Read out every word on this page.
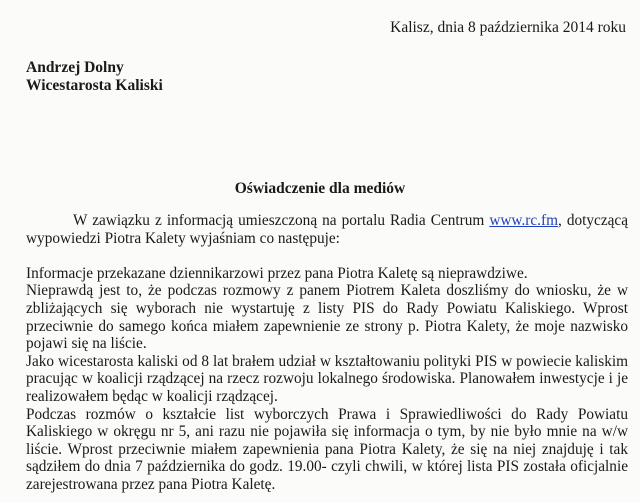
Kalisz, dnia 8 października 2014 roku
Andrzej Dolny
Wicestarosta Kaliski
Oświadczenie dla mediów

W zawiązku z informacją umieszczoną na portalu Radia Centrum www.rc.fm, dotyczącą wypowiedzi Piotra Kalety wyjaśniam co następuje:

Informacje przekazane dziennikarzowi przez pana Piotra Kaletę są nieprawdziwe.

Nieprawdą jest to, że podczas rozmowy z panem Piotrem Kaleta doszliśmy do wniosku, że w zbliżających się wyborach nie wystartuję z listy PIS do Rady Powiatu Kaliskiego. Wprost przeciwnie do samego końca miałem zapewnienie ze strony p. Piotra Kalety, że moje nazwisko pojawi się na liście.

Jako wicestarosta kaliski od 8 lat brałem udział w kształtowaniu polityki PIS w powiecie kaliskim pracując w koalicji rządzącej na rzecz rozwoju lokalnego środowiska. Planowałem inwestycje i je realizowałem będąc w koalicji rządzącej.

Podczas rozmów o kształcie list wyborczych Prawa i Sprawiedliwości do Rady Powiatu Kaliskiego w okręgu nr 5, ani razu nie pojawiła się informacja o tym, by nie było mnie na w/w liście. Wprost przeciwnie miałem zapewnienia pana Piotra Kalety, że się na niej znajduję i tak sądziłem do dnia 7 października do godz. 19.00- czyli chwili, w której lista PIS została oficjalnie zarejestrowana przez pana Piotra Kaletę.
